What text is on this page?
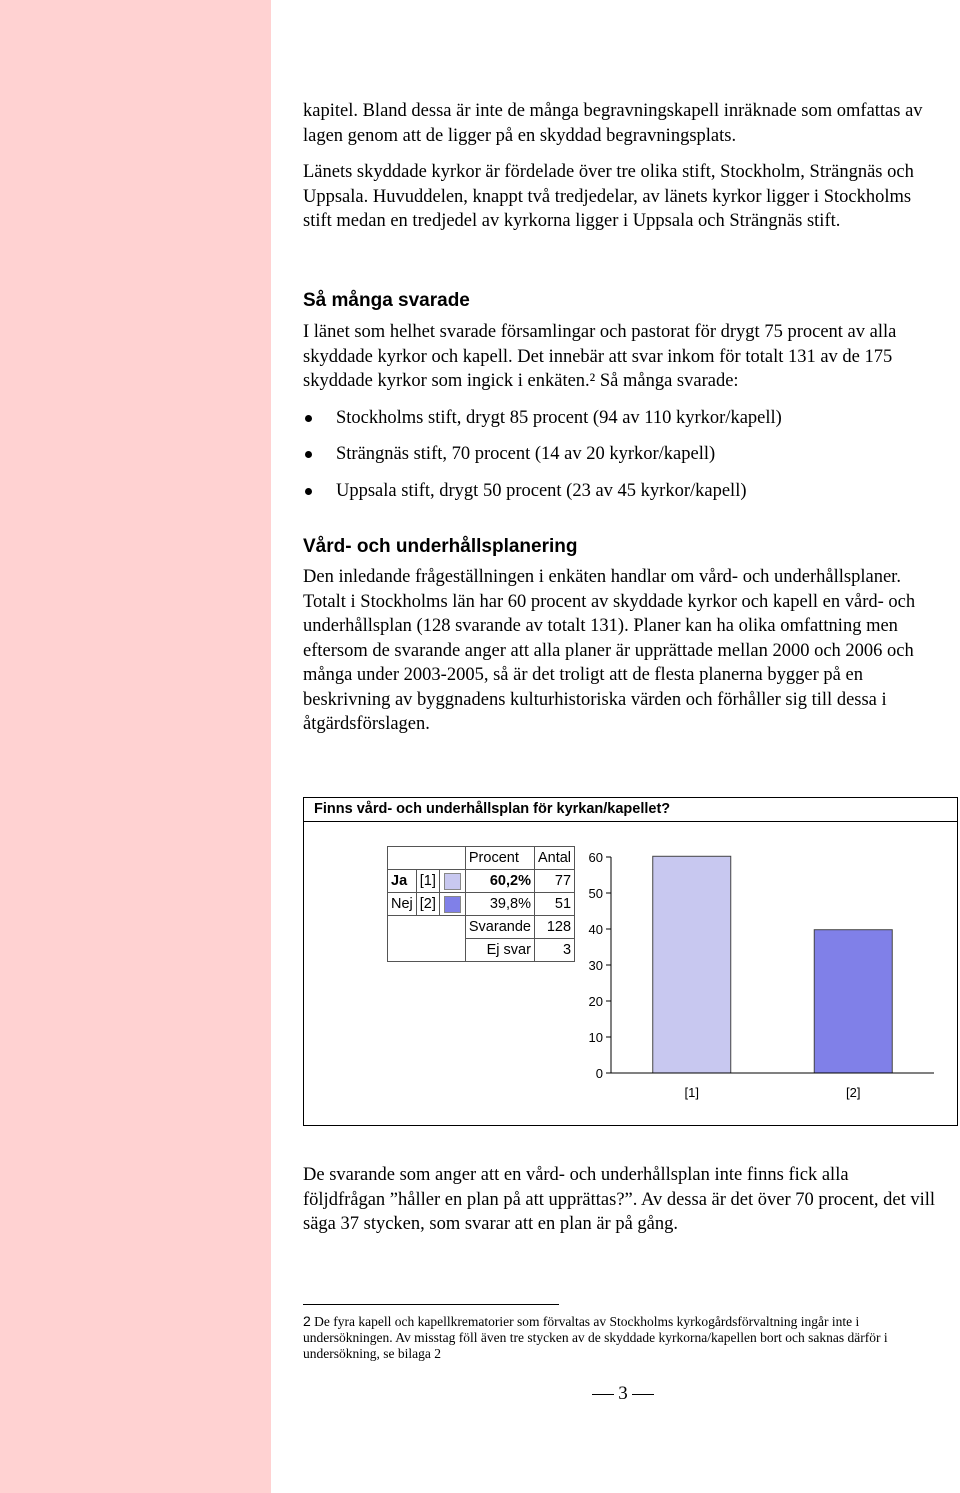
kapitel. Bland dessa är inte de många begravningskapell inräknade som omfattas av lagen genom att de ligger på en skyddad begravningsplats.

Länets skyddade kyrkor är fördelade över tre olika stift, Stockholm, Strängnäs och Uppsala. Huvuddelen, knappt två tredjedelar, av länets kyrkor ligger i Stockholms stift medan en tredjedel av kyrkorna ligger i Uppsala och Strängnäs stift.

Så många svarade

I länet som helhet svarade församlingar och pastorat för drygt 75 procent av alla skyddade kyrkor och kapell. Det innebär att svar inkom för totalt 131 av de 175 skyddade kyrkor som ingick i enkäten.² Så många svarade:

Stockholms stift, drygt 85 procent (94 av 110 kyrkor/kapell)
Strängnäs stift, 70 procent (14 av 20 kyrkor/kapell)
Uppsala stift, drygt 50 procent (23 av 45 kyrkor/kapell)
Vård- och underhållsplanering

Den inledande frågeställningen i enkäten handlar om vård- och underhållsplaner. Totalt i Stockholms län har 60 procent av skyddade kyrkor och kapell en vård- och underhållsplan (128 svarande av totalt 131). Planer kan ha olika omfattning men eftersom de svarande anger att alla planer är upprättade mellan 2000 och 2006 och många under 2003-2005, så är det troligt att de flesta planerna bygger på en beskrivning av byggnadens kulturhistoriska värden och förhåller sig till dessa i åtgärdsförslagen.

Finns vård- och underhållsplan för kyrkan/kapellet?
			Procent	Antal
Ja	[1]		60,2%	77
Nej	[2]		39,8%	51
			Svarande	128
			Ej svar	3
0
10
20
30
40
50
60
[1]	[2]

De svarande som anger att en vård- och underhållsplan inte finns fick alla följdfrågan ”håller en plan på att upprättas?”. Av dessa är det över 70 procent, det vill säga 37 stycken, som svarar att en plan är på gång.

2 De fyra kapell och kapellkrematorier som förvaltas av Stockholms kyrkogårdsförvaltning ingår inte i undersökningen. Av misstag föll även tre stycken av de skyddade kyrkorna/kapellen bort och saknas därför i undersökning, se bilaga 2
3
